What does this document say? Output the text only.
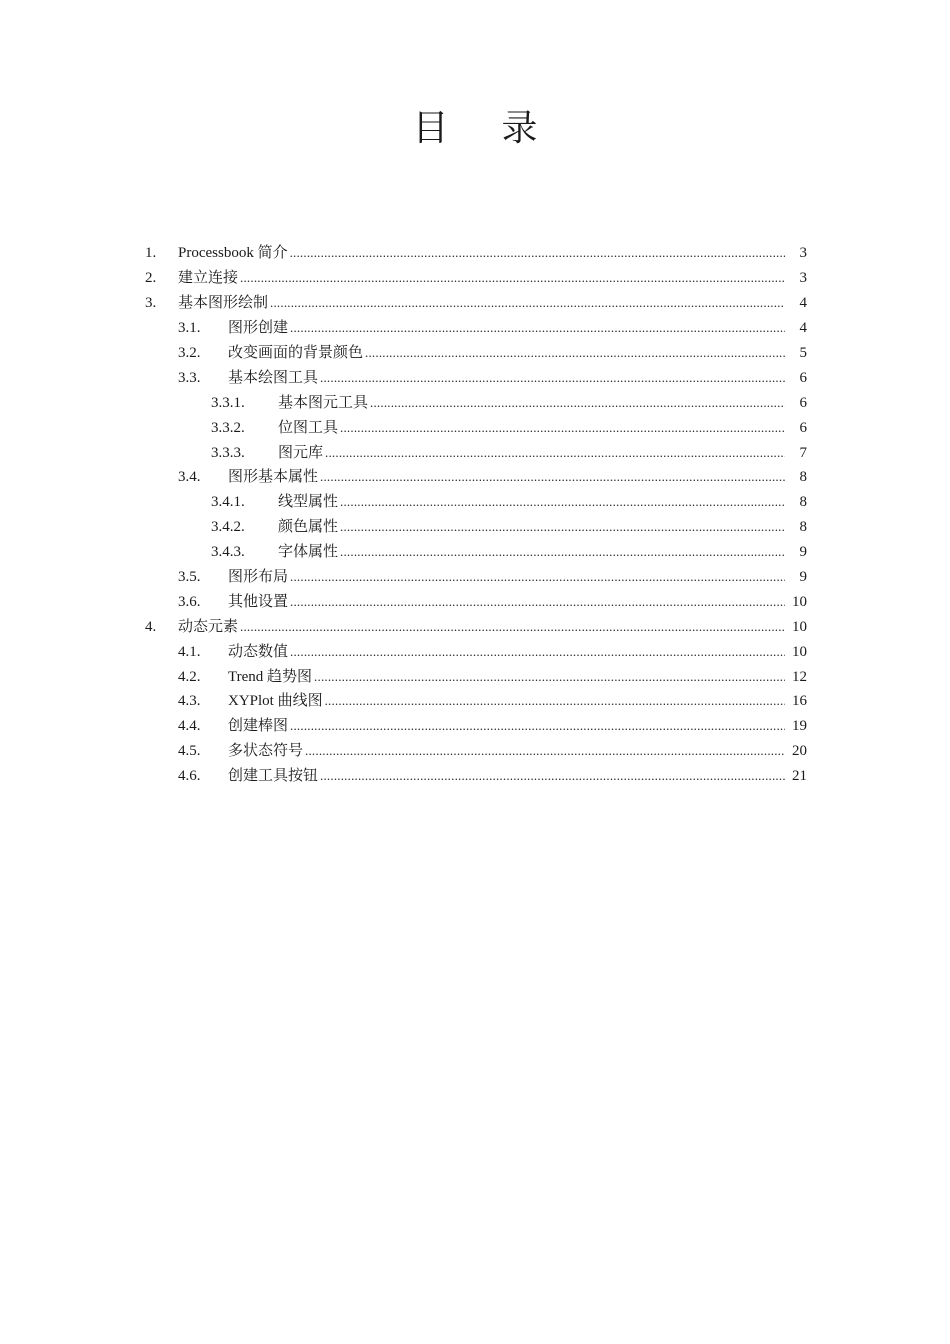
目 录
1.	Processbook 简介 .....	3
2.	建立连接 .....	3
3.	基本图形绘制 .....	4
3.1.	图形创建 .....	4
3.2.	改变画面的背景颜色 .....	5
3.3.	基本绘图工具 .....	6
3.3.1.	基本图元工具 .....	6
3.3.2.	位图工具 .....	6
3.3.3.	图元库 .....	7
3.4.	图形基本属性 .....	8
3.4.1.	线型属性 .....	8
3.4.2.	颜色属性 .....	8
3.4.3.	字体属性 .....	9
3.5.	图形布局 .....	9
3.6.	其他设置 .....	10
4.	动态元素 .....	10
4.1.	动态数值 .....	10
4.2.	Trend 趋势图 .....	12
4.3.	XYPlot 曲线图 .....	16
4.4.	创建棒图 .....	19
4.5.	多状态符号 .....	20
4.6.	创建工具按钮 .....	21
